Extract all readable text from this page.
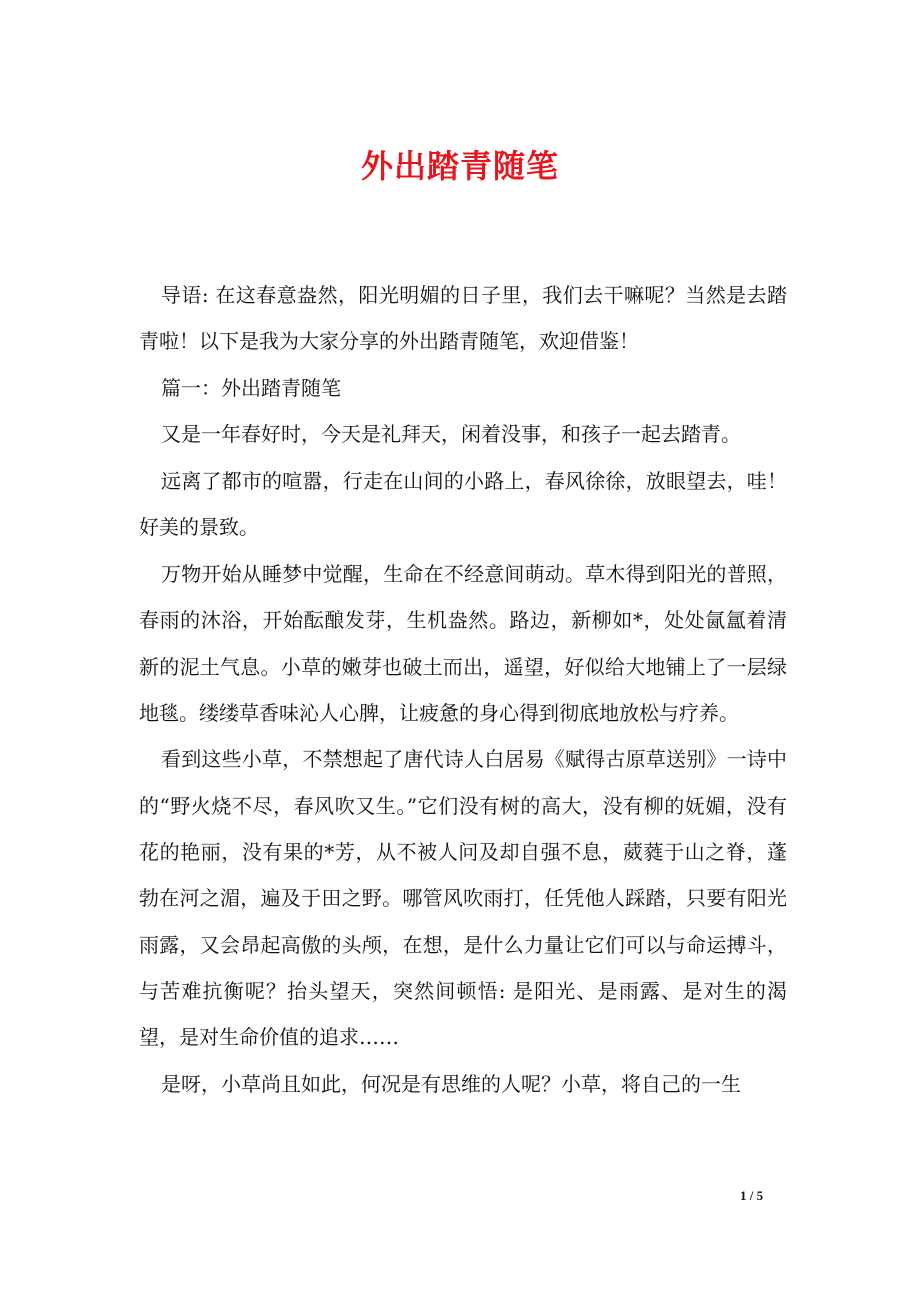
外出踏青随笔

导语: 在这春意盎然，阳光明媚的日子里，我们去干嘛呢？当然是去踏青啦！以下是我为大家分享的外出踏青随笔，欢迎借鉴！

篇一：外出踏青随笔

又是一年春好时，今天是礼拜天，闲着没事，和孩子一起去踏青。

远离了都市的喧嚣，行走在山间的小路上，春风徐徐，放眼望去，哇！好美的景致。

万物开始从睡梦中觉醒，生命在不经意间萌动。草木得到阳光的普照，春雨的沐浴，开始酝酿发芽，生机盎然。路边，新柳如*，处处氤氲着清新的泥土气息。小草的嫩芽也破土而出，遥望，好似给大地铺上了一层绿地毯。缕缕草香味沁人心脾，让疲惫的身心得到彻底地放松与疗养。

看到这些小草，不禁想起了唐代诗人白居易《赋得古原草送别》一诗中的“野火烧不尽，春风吹又生。”它们没有树的高大，没有柳的妩媚，没有花的艳丽，没有果的*芳，从不被人问及却自强不息，葳蕤于山之脊，蓬勃在河之湄，遍及于田之野。哪管风吹雨打，任凭他人踩踏，只要有阳光雨露，又会昂起高傲的头颅，在想，是什么力量让它们可以与命运搏斗，与苦难抗衡呢？抬头望天，突然间顿悟: 是阳光、是雨露、是对生的渴望，是对生命价值的追求……

是呀，小草尚且如此，何况是有思维的人呢？小草，将自己的一生

1 / 5
